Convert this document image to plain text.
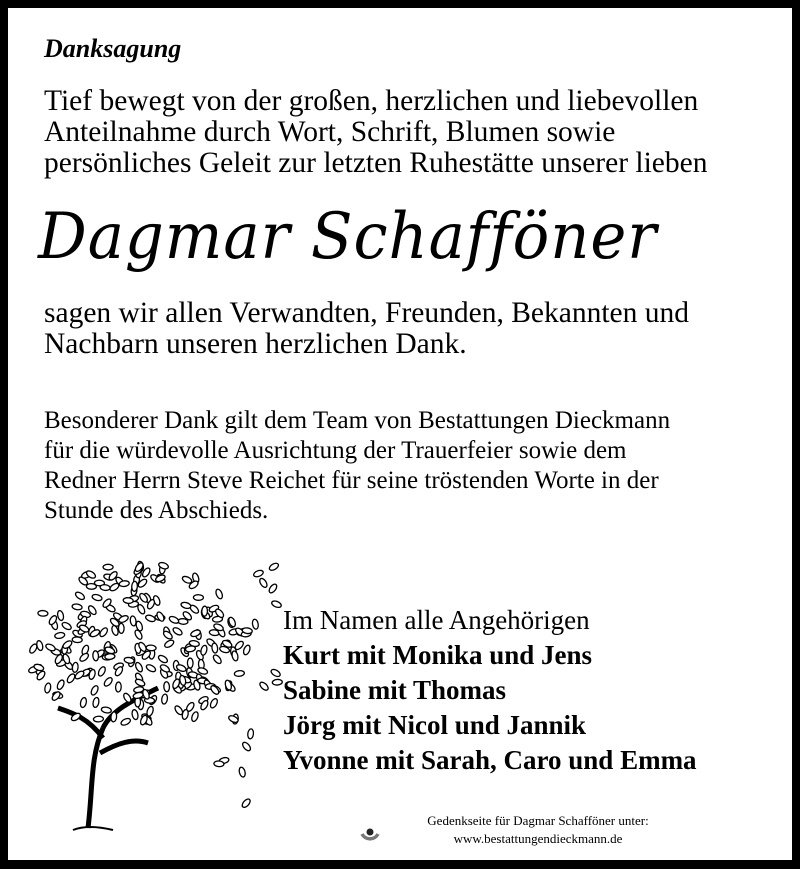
Danksagung
Tief bewegt von der großen, herzlichen und liebevollen
Anteilnahme durch Wort, Schrift, Blumen sowie
persönliches Geleit zur letzten Ruhestätte unserer lieben
Dagmar Schafföner
sagen wir allen Verwandten, Freunden, Bekannten und
Nachbarn unseren herzlichen Dank.
Besonderer Dank gilt dem Team von Bestattungen Dieckmann
für die würdevolle Ausrichtung der Trauerfeier sowie dem
Redner Herrn Steve Reichet für seine tröstenden Worte in der
Stunde des Abschieds.
Im Namen alle Angehörigen
Kurt mit Monika und Jens
Sabine mit Thomas
Jörg mit Nicol und Jannik
Yvonne mit Sarah, Caro und Emma
Gedenkseite für Dagmar Schafföner unter:
www.bestattungendieckmann.de
